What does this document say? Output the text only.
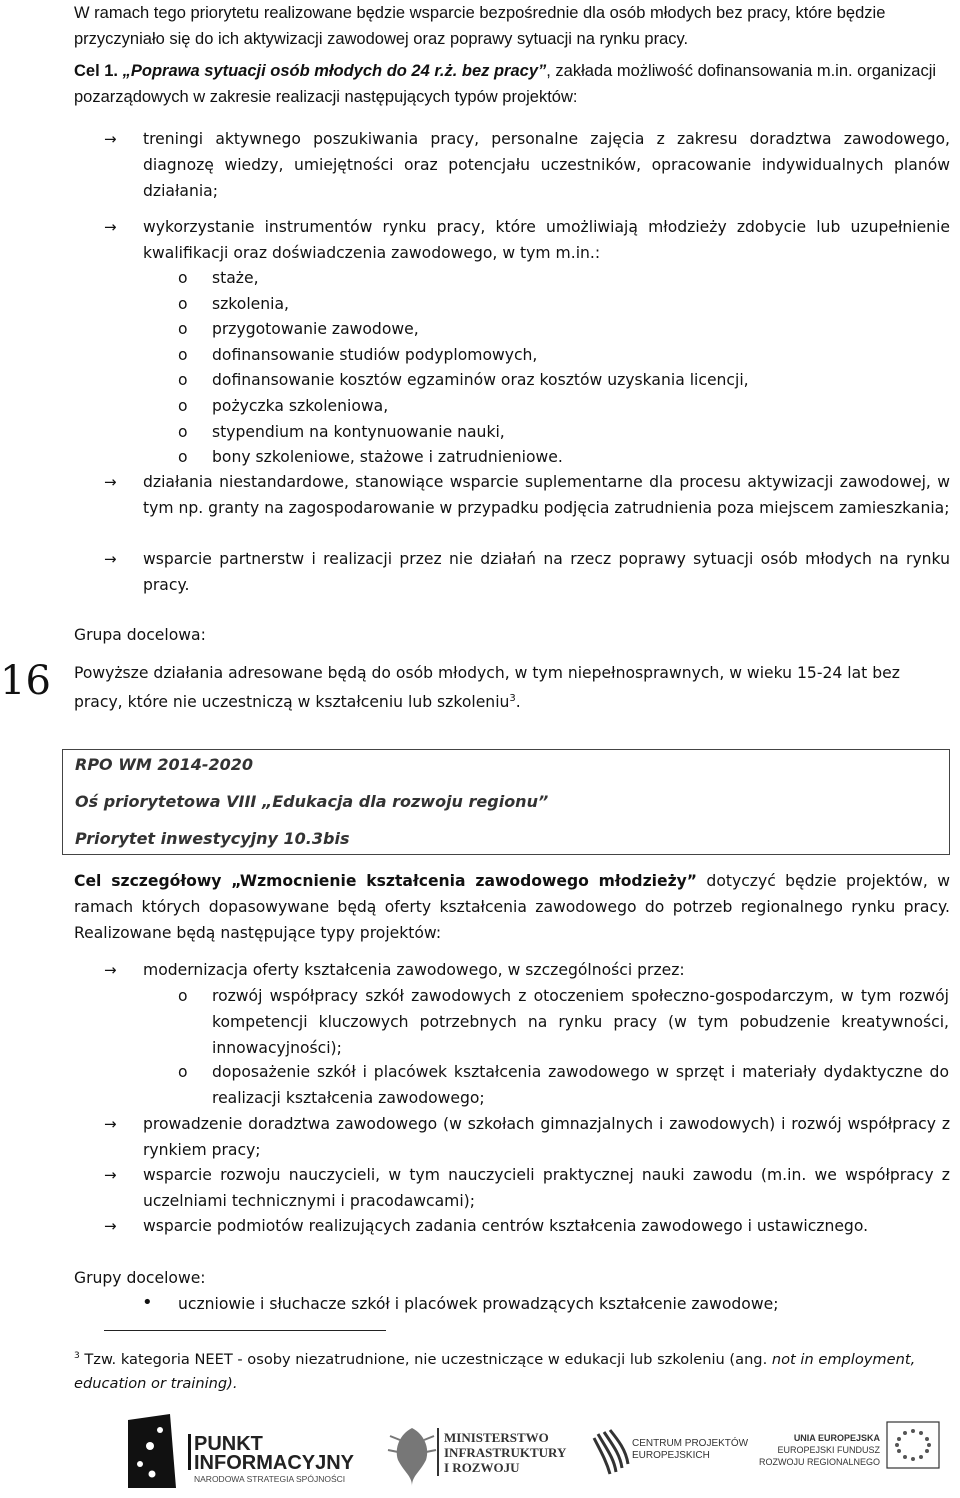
W ramach tego priorytetu realizowane będzie wsparcie bezpośrednie dla osób młodych bez pracy, które będzie przyczyniało się do ich aktywizacji zawodowej oraz poprawy sytuacji na rynku pracy.

Cel 1. „Poprawa sytuacji osób młodych do 24 r.ż. bez pracy”, zakłada możliwość dofinansowania m.in. organizacji pozarządowych w zakresie realizacji następujących typów projektów:

→ treningi aktywnego poszukiwania pracy, personalne zajęcia z zakresu doradztwa zawodowego, diagnozę wiedzy, umiejętności oraz potencjału uczestników, opracowanie indywidualnych planów działania;
→ wykorzystanie instrumentów rynku pracy, które umożliwiają młodzieży zdobycie lub uzupełnienie kwalifikacji oraz doświadczenia zawodowego, w tym m.in.:
o staże,
o szkolenia,
o przygotowanie zawodowe,
o dofinansowanie studiów podyplomowych,
o dofinansowanie kosztów egzaminów oraz kosztów uzyskania licencji,
o pożyczka szkoleniowa,
o stypendium na kontynuowanie nauki,
o bony szkoleniowe, stażowe i zatrudnieniowe.
→ działania niestandardowe, stanowiące wsparcie suplementarne dla procesu aktywizacji zawodowej, w tym np. granty na zagospodarowanie w przypadku podjęcia zatrudnienia poza miejscem zamieszkania;
→ wsparcie partnerstw i realizacji przez nie działań na rzecz poprawy sytuacji osób młodych na rynku pracy.
Grupa docelowa:
Powyższe działania adresowane będą do osób młodych, w tym niepełnosprawnych, w wieku 15-24 lat bez pracy, które nie uczestniczą w kształceniu lub szkoleniu$^3$.
16
RPO WM 2014-2020
Oś priorytetowa VIII „Edukacja dla rozwoju regionu”
Priorytet inwestycyjny 10.3bis
Cel szczegółowy „Wzmocnienie kształcenia zawodowego młodzieży” dotyczyć będzie projektów, w ramach których dopasowywane będą oferty kształcenia zawodowego do potrzeb regionalnego rynku pracy. Realizowane będą następujące typy projektów:
→ modernizacja oferty kształcenia zawodowego, w szczególności przez:
o rozwój współpracy szkół zawodowych z otoczeniem społeczno-gospodarczym, w tym rozwój kompetencji kluczowych potrzebnych na rynku pracy (w tym pobudzenie kreatywności, innowacyjności);
o doposażenie szkół i placówek kształcenia zawodowego w sprzęt i materiały dydaktyczne do realizacji kształcenia zawodowego;
→ prowadzenie doradztwa zawodowego (w szkołach gimnazjalnych i zawodowych) i rozwój współpracy z rynkiem pracy;
→ wsparcie rozwoju nauczycieli, w tym nauczycieli praktycznej nauki zawodu (m.in. we współpracy z uczelniami technicznymi i pracodawcami);
→ wsparcie podmiotów realizujących zadania centrów kształcenia zawodowego i ustawicznego.
Grupy docelowe:
• uczniowie i słuchacze szkół i placówek prowadzących kształcenie zawodowe;
$^3$ Tzw. kategoria NEET - osoby niezatrudnione, nie uczestniczące w edukacji lub szkoleniu (ang. not in employment, education or training).
PUNKT
INFORMACYJNY
NARODOWA STRATEGIA SPÓJNOŚCI
MINISTERSTWO
INFRASTRUKTURY
I ROZWOJU
CENTRUM PROJEKTÓW
EUROPEJSKICH
UNIA EUROPEJSKA
EUROPEJSKI FUNDUSZ
ROZWOJU REGIONALNEGO
